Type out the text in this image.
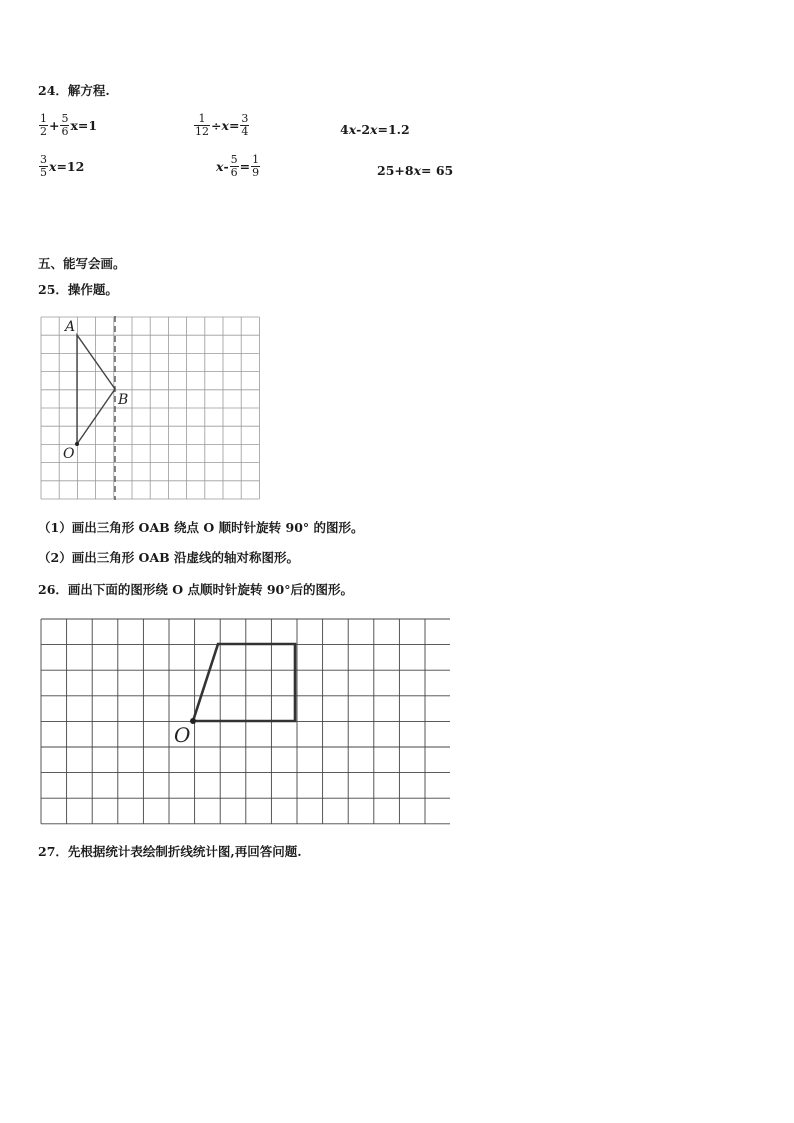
24．解方程.
$\frac{1}{2} + \frac{5}{6} x=1$	$\frac{1}{12} \div x = \frac{3}{4}$	4 x -2 x =1.2
$\frac{3}{5}$ x =12	$x - \frac{5}{6} = \frac{1}{9}$	25+8 x = 65
五、能写会画。
25．操作题。
A
B
O
（1）画出三角形 OAB 绕点 O 顺时针旋转 90° 的图形。
（2）画出三角形 OAB 沿虚线的轴对称图形。
26．画出下面的图形绕 O 点顺时针旋转 90°后的图形。
O
27．先根据统计表绘制折线统计图,再回答问题.
